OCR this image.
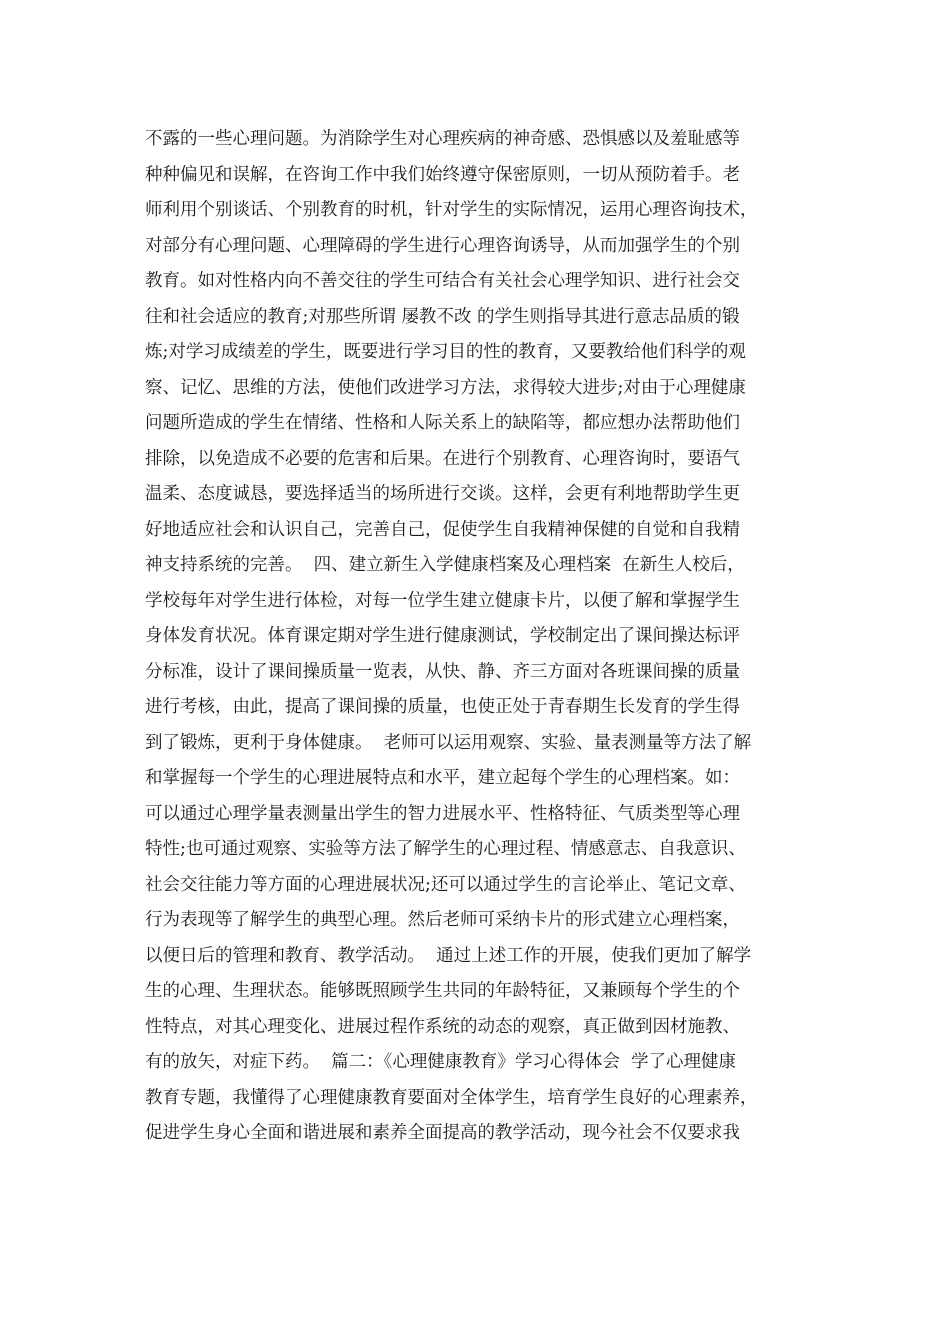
不露的一些心理问题。为消除学生对心理疾病的神奇感、恐惧感以及羞耻感等
种种偏见和误解，在咨询工作中我们始终遵守保密原则，一切从预防着手。老
师利用个别谈话、个别教育的时机，针对学生的实际情况，运用心理咨询技术，
对部分有心理问题、心理障碍的学生进行心理咨询诱导，从而加强学生的个别
教育。如对性格内向不善交往的学生可结合有关社会心理学知识、进行社会交
往和社会适应的教育;对那些所谓 屡教不改 的学生则指导其进行意志品质的锻
炼;对学习成绩差的学生，既要进行学习目的性的教育，又要教给他们科学的观
察、记忆、思维的方法，使他们改进学习方法，求得较大进步;对由于心理健康
问题所造成的学生在情绪、性格和人际关系上的缺陷等，都应想办法帮助他们
排除，以免造成不必要的危害和后果。在进行个别教育、心理咨询时，要语气
温柔、态度诚恳，要选择适当的场所进行交谈。这样，会更有利地帮助学生更
好地适应社会和认识自己，完善自己，促使学生自我精神保健的自觉和自我精
神支持系统的完善。  四、建立新生入学健康档案及心理档案  在新生人校后，
学校每年对学生进行体检，对每一位学生建立健康卡片，以便了解和掌握学生
身体发育状况。体育课定期对学生进行健康测试，学校制定出了课间操达标评
分标准，设计了课间操质量一览表，从快、静、齐三方面对各班课间操的质量
进行考核，由此，提高了课间操的质量，也使正处于青春期生长发育的学生得
到了锻炼，更利于身体健康。  老师可以运用观察、实验、量表测量等方法了解
和掌握每一个学生的心理进展特点和水平，建立起每个学生的心理档案。如：
可以通过心理学量表测量出学生的智力进展水平、性格特征、气质类型等心理
特性;也可通过观察、实验等方法了解学生的心理过程、情感意志、自我意识、
社会交往能力等方面的心理进展状况;还可以通过学生的言论举止、笔记文章、
行为表现等了解学生的典型心理。然后老师可采纳卡片的形式建立心理档案，
以便日后的管理和教育、教学活动。  通过上述工作的开展，使我们更加了解学
生的心理、生理状态。能够既照顾学生共同的年龄特征，又兼顾每个学生的个
性特点，对其心理变化、进展过程作系统的动态的观察，真正做到因材施教、
有的放矢，对症下药。  篇二：《心理健康教育》学习心得体会  学了心理健康
教育专题，我懂得了心理健康教育要面对全体学生，培育学生良好的心理素养，
促进学生身心全面和谐进展和素养全面提高的教学活动，现今社会不仅要求我
